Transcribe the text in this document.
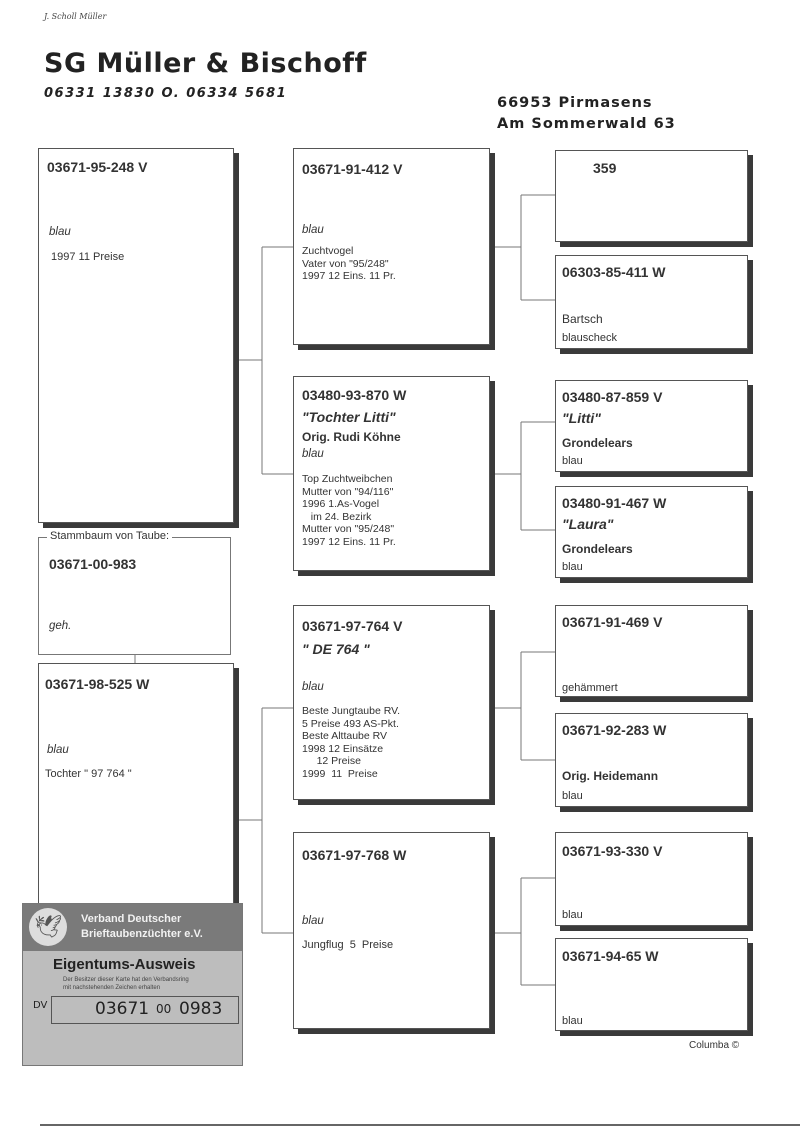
J. Scholl Müller
SG Müller & Bischoff
06331 13830 O. 06334 5681
66953 Pirmasens
Am Sommerwald 63
03671-95-248 V
blau
1997 11 Preise
Stammbaum von Taube:
03671-00-983
geh.
03671-98-525 W
blau
Tochter " 97 764 "
03671-91-412 V
blau
Zuchtvogel
Vater von "95/248"
1997 12 Eins. 11 Pr.
03480-93-870 W
"Tochter Litti"
Orig. Rudi Köhne
blau
Top Zuchtweibchen
Mutter von "94/116"
1996 1.As-Vogel
im 24. Bezirk
Mutter von "95/248"
1997 12 Eins. 11 Pr.
03671-97-764 V
" DE 764 "
blau
Beste Jungtaube RV.
5 Preise 493 AS-Pkt.
Beste Alttaube RV
1998 12 Einsätze
12 Preise
1999  11  Preise
03671-97-768 W
blau
Jungflug  5  Preise
359
06303-85-411 W
Bartsch
blauscheck
03480-87-859 V
"Litti"
Grondelears
blau
03480-91-467 W
"Laura"
Grondelears
blau
03671-91-469 V
gehämmert
03671-92-283 W
Orig. Heidemann
blau
03671-93-330 V
blau
03671-94-65 W
blau
🕊	Verband Deutscher
Brieftaubenzüchter e.V.
Eigentums-Ausweis
Der Besitzer dieser Karte hat den Verbandsring
mit nachstehenden Zeichen erhalten
DV	03671 00 0983
Columba ©
